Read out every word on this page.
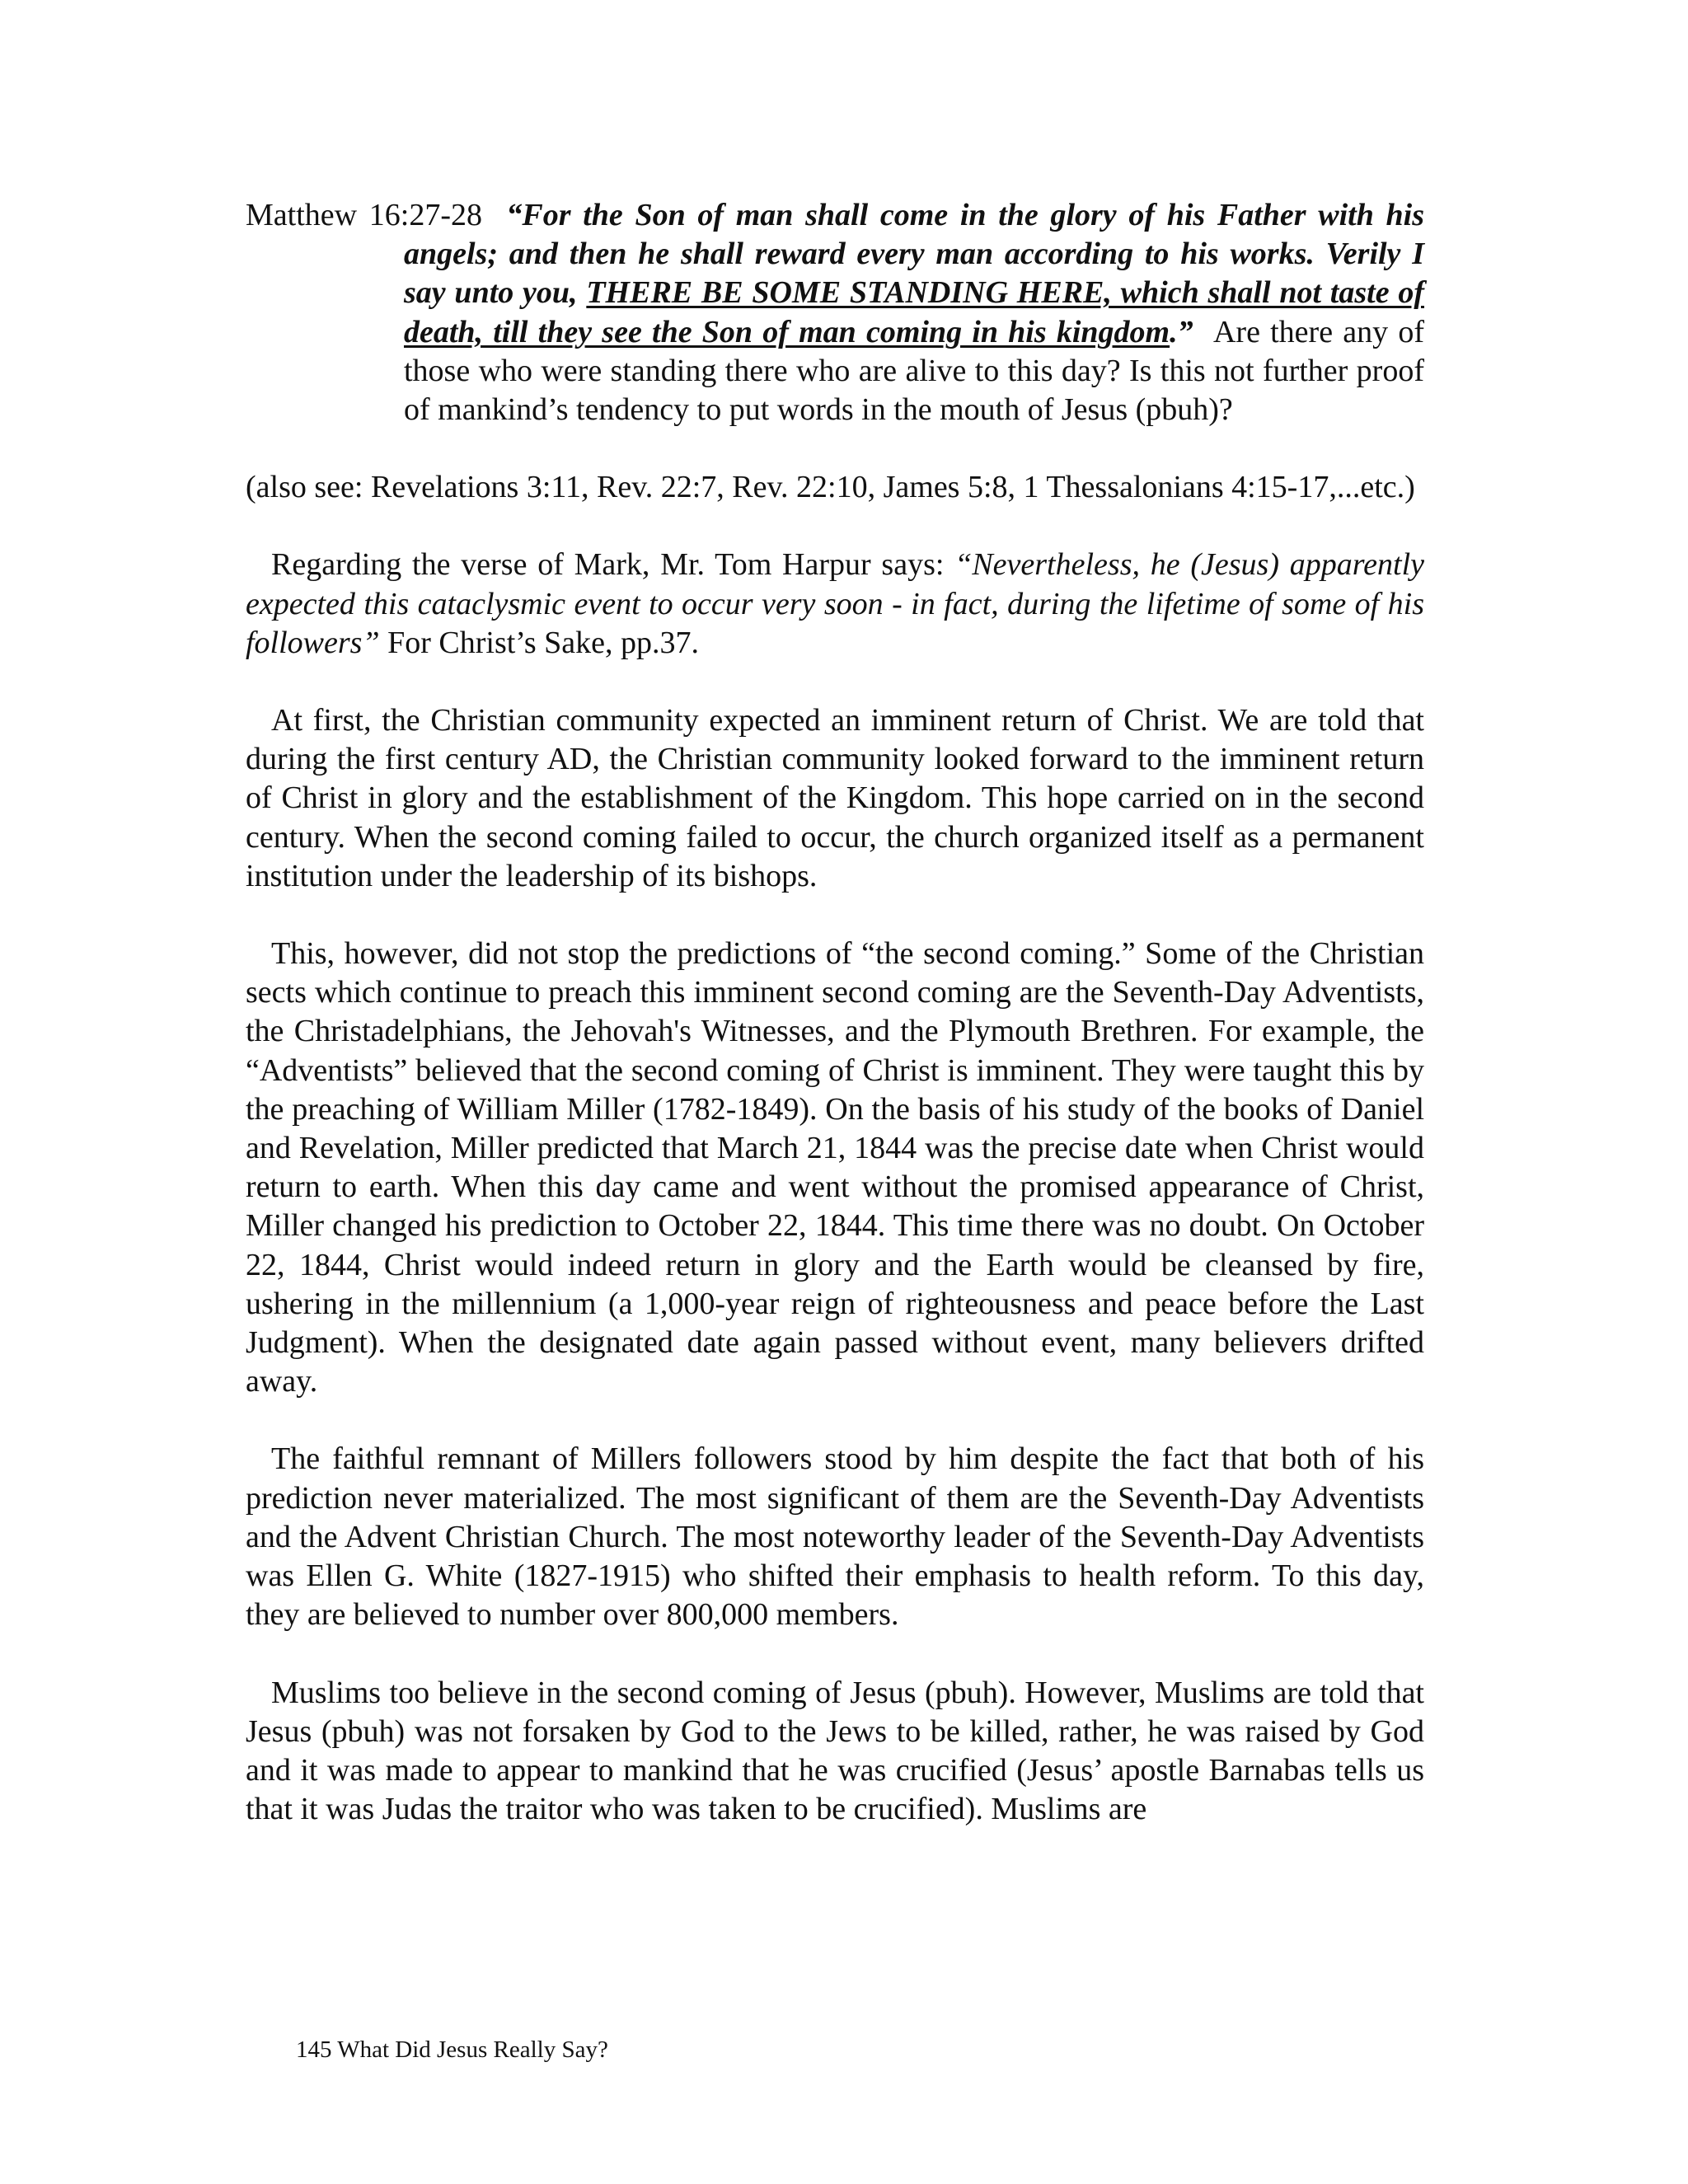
Matthew 16:27-28 “For the Son of man shall come in the glory of his Father with his angels; and then he shall reward every man according to his works. Verily I say unto you, THERE BE SOME STANDING HERE, which shall not taste of death, till they see the Son of man coming in his kingdom.” Are there any of those who were standing there who are alive to this day? Is this not further proof of mankind’s tendency to put words in the mouth of Jesus (pbuh)?

(also see: Revelations 3:11, Rev. 22:7, Rev. 22:10, James 5:8, 1 Thessalonians 4:15-17,...etc.)

Regarding the verse of Mark, Mr. Tom Harpur says: “Nevertheless, he (Jesus) apparently expected this cataclysmic event to occur very soon - in fact, during the lifetime of some of his followers” For Christ’s Sake, pp.37.

At first, the Christian community expected an imminent return of Christ. We are told that during the first century AD, the Christian community looked forward to the imminent return of Christ in glory and the establishment of the Kingdom. This hope carried on in the second century. When the second coming failed to occur, the church organized itself as a permanent institution under the leadership of its bishops.

This, however, did not stop the predictions of “the second coming.” Some of the Christian sects which continue to preach this imminent second coming are the Seventh-Day Adventists, the Christadelphians, the Jehovah's Witnesses, and the Plymouth Brethren. For example, the “Adventists” believed that the second coming of Christ is imminent. They were taught this by the preaching of William Miller (1782-1849). On the basis of his study of the books of Daniel and Revelation, Miller predicted that March 21, 1844 was the precise date when Christ would return to earth. When this day came and went without the promised appearance of Christ, Miller changed his prediction to October 22, 1844. This time there was no doubt. On October 22, 1844, Christ would indeed return in glory and the Earth would be cleansed by fire, ushering in the millennium (a 1,000-year reign of righteousness and peace before the Last Judgment). When the designated date again passed without event, many believers drifted away.

The faithful remnant of Millers followers stood by him despite the fact that both of his prediction never materialized. The most significant of them are the Seventh-Day Adventists and the Advent Christian Church. The most noteworthy leader of the Seventh-Day Adventists was Ellen G. White (1827-1915) who shifted their emphasis to health reform. To this day, they are believed to number over 800,000 members.

Muslims too believe in the second coming of Jesus (pbuh). However, Muslims are told that Jesus (pbuh) was not forsaken by God to the Jews to be killed, rather, he was raised by God and it was made to appear to mankind that he was crucified (Jesus’ apostle Barnabas tells us that it was Judas the traitor who was taken to be crucified). Muslims are

145 What Did Jesus Really Say?
